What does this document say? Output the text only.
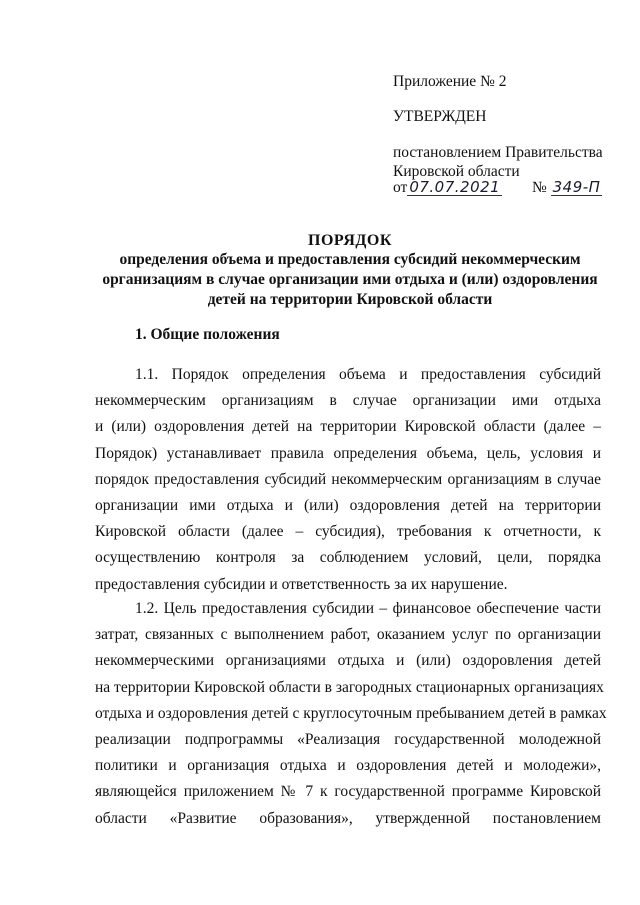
Приложение № 2
УТВЕРЖДЕН
постановлением Правительства
Кировской области
от 07.07.2021 № 349-П
ПОРЯДОК
определения объема и предоставления субсидий некоммерческим
организациям в случае организации ими отдыха и (или) оздоровления
детей на территории Кировской области
1. Общие положения
1.1. Порядок определения объема и предоставления субсидий
некоммерческим организациям в случае организации ими отдыха
и (или) оздоровления детей на территории Кировской области (далее –
Порядок) устанавливает правила определения объема, цель, условия и
порядок предоставления субсидий некоммерческим организациям в случае
организации ими отдыха и (или) оздоровления детей на территории
Кировской области (далее – субсидия), требования к отчетности, к
осуществлению контроля за соблюдением условий, цели, порядка
предоставления субсидии и ответственность за их нарушение.
1.2. Цель предоставления субсидии – финансовое обеспечение части
затрат, связанных с выполнением работ, оказанием услуг по организации
некоммерческими организациями отдыха и (или) оздоровления детей
на территории Кировской области в загородных стационарных организациях
отдыха и оздоровления детей с круглосуточным пребыванием детей в рамках
реализации подпрограммы «Реализация государственной молодежной
политики и организация отдыха и оздоровления детей и молодежи»,
являющейся приложением № 7 к государственной программе Кировской
области «Развитие образования», утвержденной постановлением
